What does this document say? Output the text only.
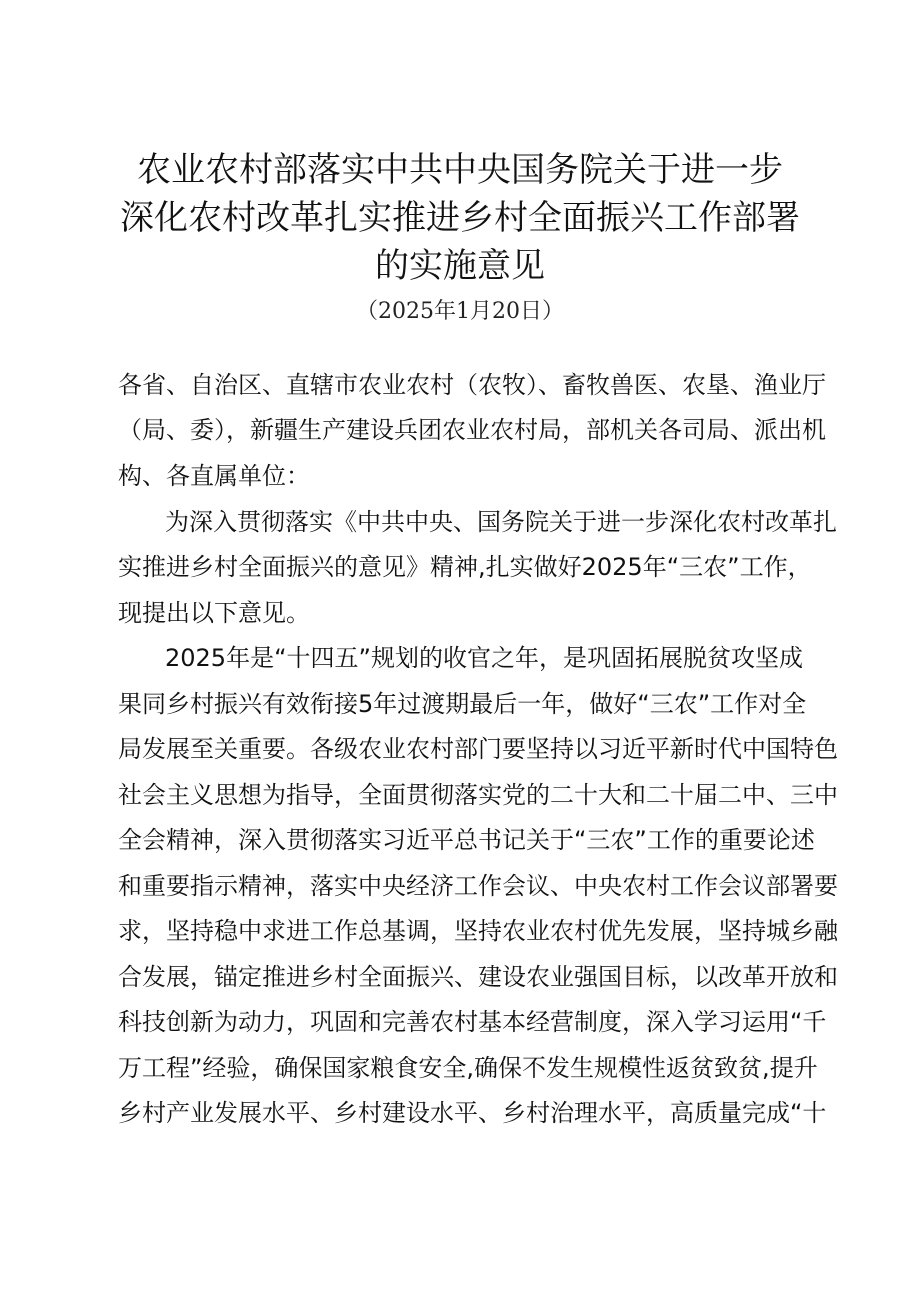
农业农村部落实中共中央国务院关于进一步
深化农村改革扎实推进乡村全面振兴工作部署
的实施意见
（2025年1月20日）
各省、自治区、直辖市农业农村（农牧）、畜牧兽医、农垦、渔业厅
（局、委），新疆生产建设兵团农业农村局，部机关各司局、派出机
构、各直属单位：
为深入贯彻落实《中共中央、国务院关于进一步深化农村改革扎
实推进乡村全面振兴的意见》精神,扎实做好2025年“三农”工作，
现提出以下意见。
2025年是“十四五”规划的收官之年，是巩固拓展脱贫攻坚成
果同乡村振兴有效衔接5年过渡期最后一年，做好“三农”工作对全
局发展至关重要。各级农业农村部门要坚持以习近平新时代中国特色
社会主义思想为指导，全面贯彻落实党的二十大和二十届二中、三中
全会精神，深入贯彻落实习近平总书记关于“三农”工作的重要论述
和重要指示精神，落实中央经济工作会议、中央农村工作会议部署要
求，坚持稳中求进工作总基调，坚持农业农村优先发展，坚持城乡融
合发展，锚定推进乡村全面振兴、建设农业强国目标，以改革开放和
科技创新为动力，巩固和完善农村基本经营制度，深入学习运用“千
万工程”经验，确保国家粮食安全,确保不发生规模性返贫致贫,提升
乡村产业发展水平、乡村建设水平、乡村治理水平，高质量完成“十
